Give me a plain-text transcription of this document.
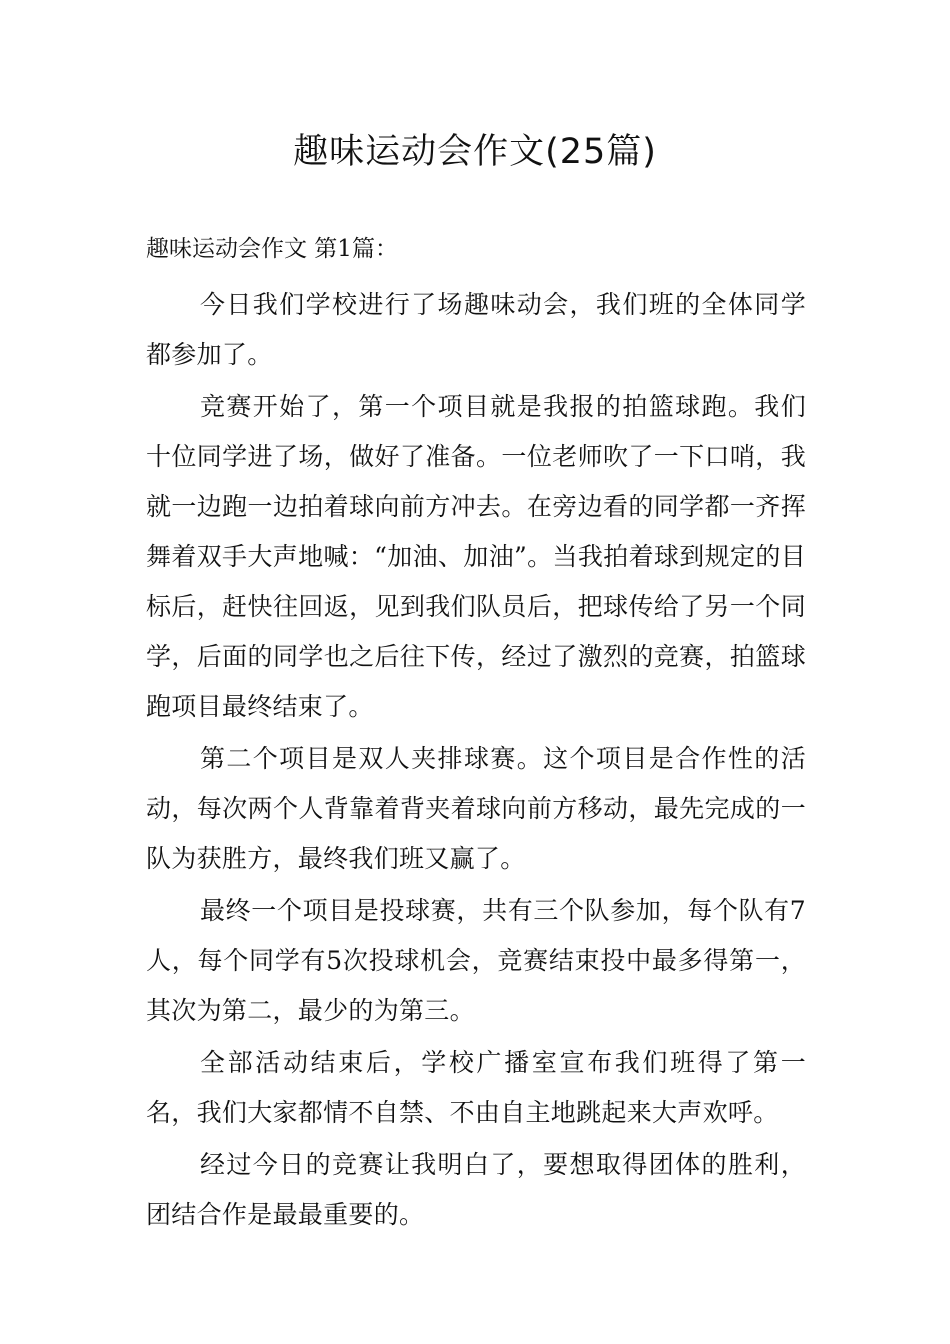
趣味运动会作文(25篇)

趣味运动会作文 第1篇：

今日我们学校进行了场趣味动会，我们班的全体同学都参加了。

竞赛开始了，第一个项目就是我报的拍篮球跑。我们十位同学进了场，做好了准备。一位老师吹了一下口哨，我就一边跑一边拍着球向前方冲去。在旁边看的同学都一齐挥舞着双手大声地喊：“加油、加油”。当我拍着球到规定的目标后，赶快往回返，见到我们队员后，把球传给了另一个同学，后面的同学也之后往下传，经过了激烈的竞赛，拍篮球跑项目最终结束了。

第二个项目是双人夹排球赛。这个项目是合作性的活动，每次两个人背靠着背夹着球向前方移动，最先完成的一队为获胜方，最终我们班又赢了。

最终一个项目是投球赛，共有三个队参加，每个队有7人，每个同学有5次投球机会，竞赛结束投中最多得第一，其次为第二，最少的为第三。

全部活动结束后，学校广播室宣布我们班得了第一名，我们大家都情不自禁、不由自主地跳起来大声欢呼。

经过今日的竞赛让我明白了，要想取得团体的胜利，团结合作是最最重要的。
